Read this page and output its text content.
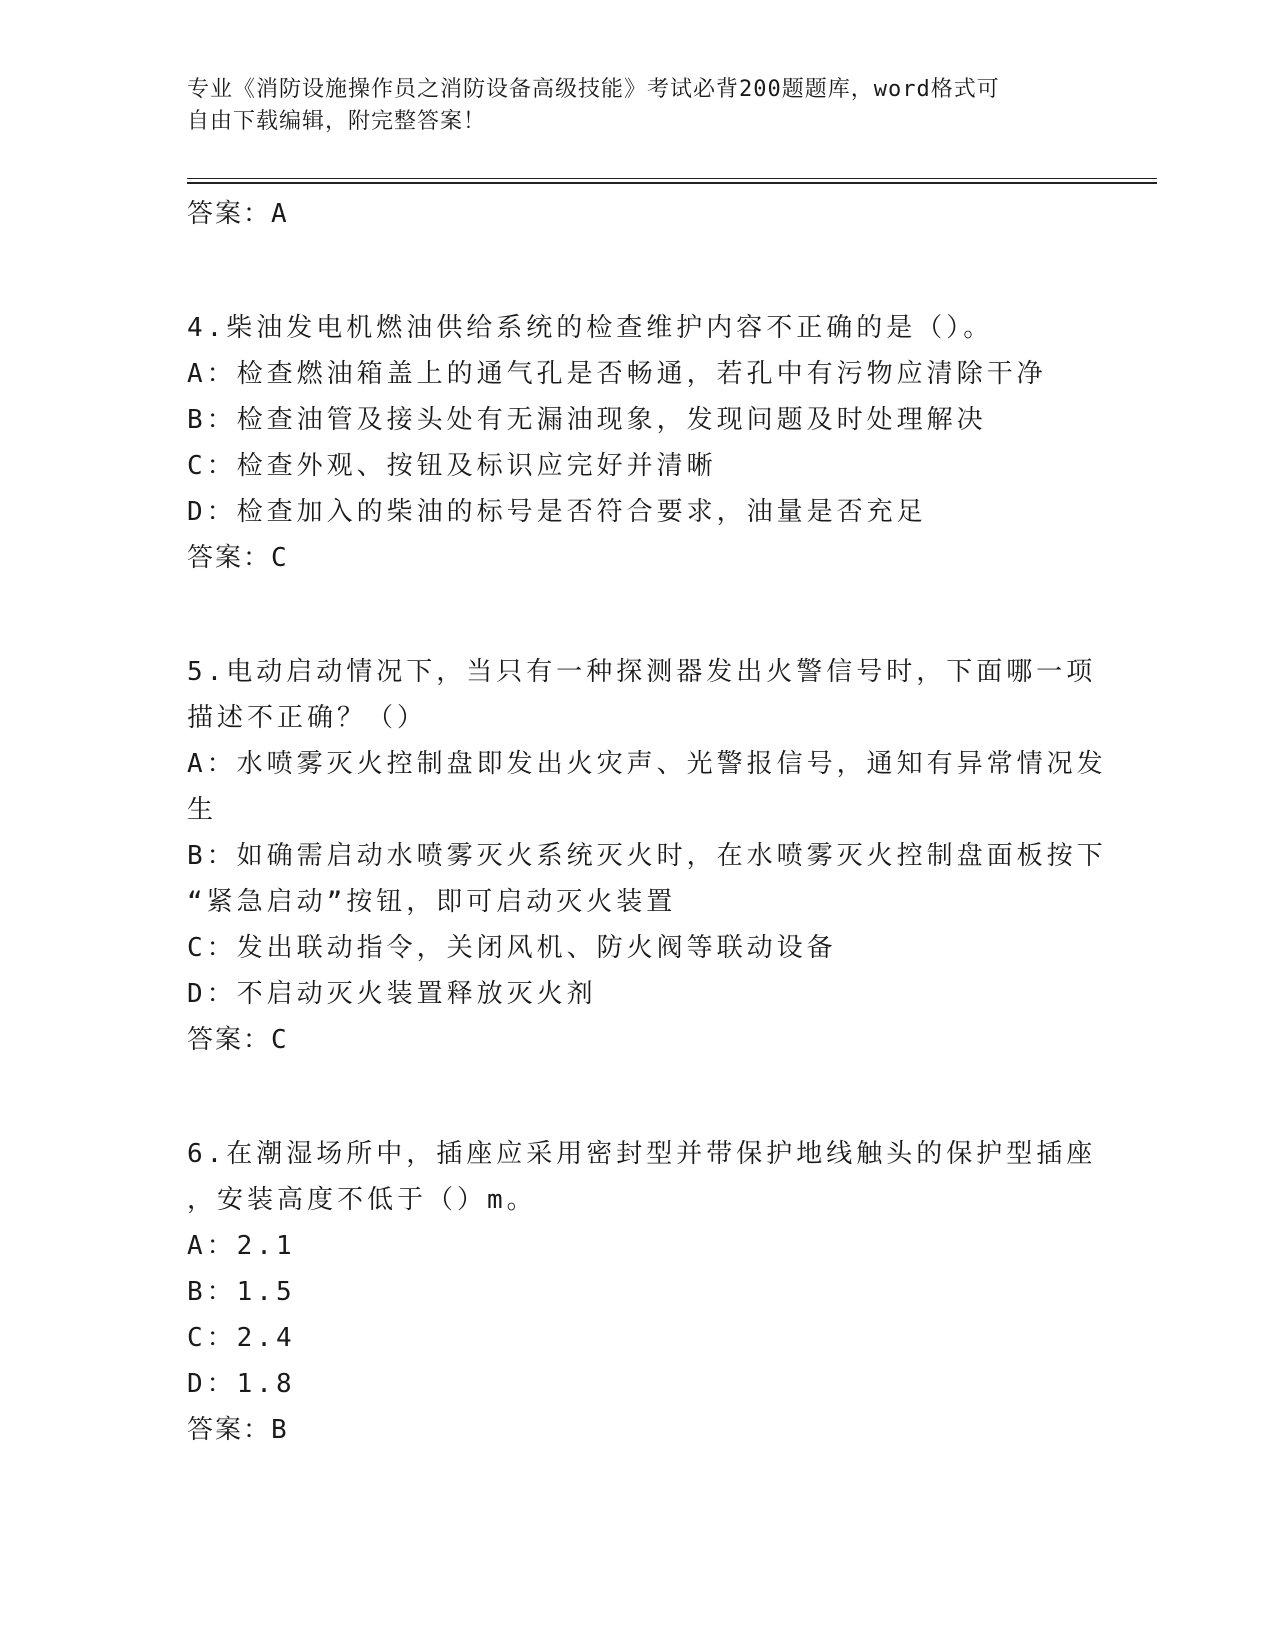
专业《消防设施操作员之消防设备高级技能》考试必背200题题库，word格式可
自由下载编辑，附完整答案！
答案：A
4.柴油发电机燃油供给系统的检查维护内容不正确的是（）。
A：检查燃油箱盖上的通气孔是否畅通，若孔中有污物应清除干净
B：检查油管及接头处有无漏油现象，发现问题及时处理解决
C：检查外观、按钮及标识应完好并清晰
D：检查加入的柴油的标号是否符合要求，油量是否充足
答案：C
5.电动启动情况下，当只有一种探测器发出火警信号时，下面哪一项
描述不正确？（）
A：水喷雾灭火控制盘即发出火灾声、光警报信号，通知有异常情况发
生
B：如确需启动水喷雾灭火系统灭火时，在水喷雾灭火控制盘面板按下
“紧急启动”按钮，即可启动灭火装置
C：发出联动指令，关闭风机、防火阀等联动设备
D：不启动灭火装置释放灭火剂
答案：C
6.在潮湿场所中，插座应采用密封型并带保护地线触头的保护型插座
，安装高度不低于（）m。
A：2.1
B：1.5
C：2.4
D：1.8
答案：B
